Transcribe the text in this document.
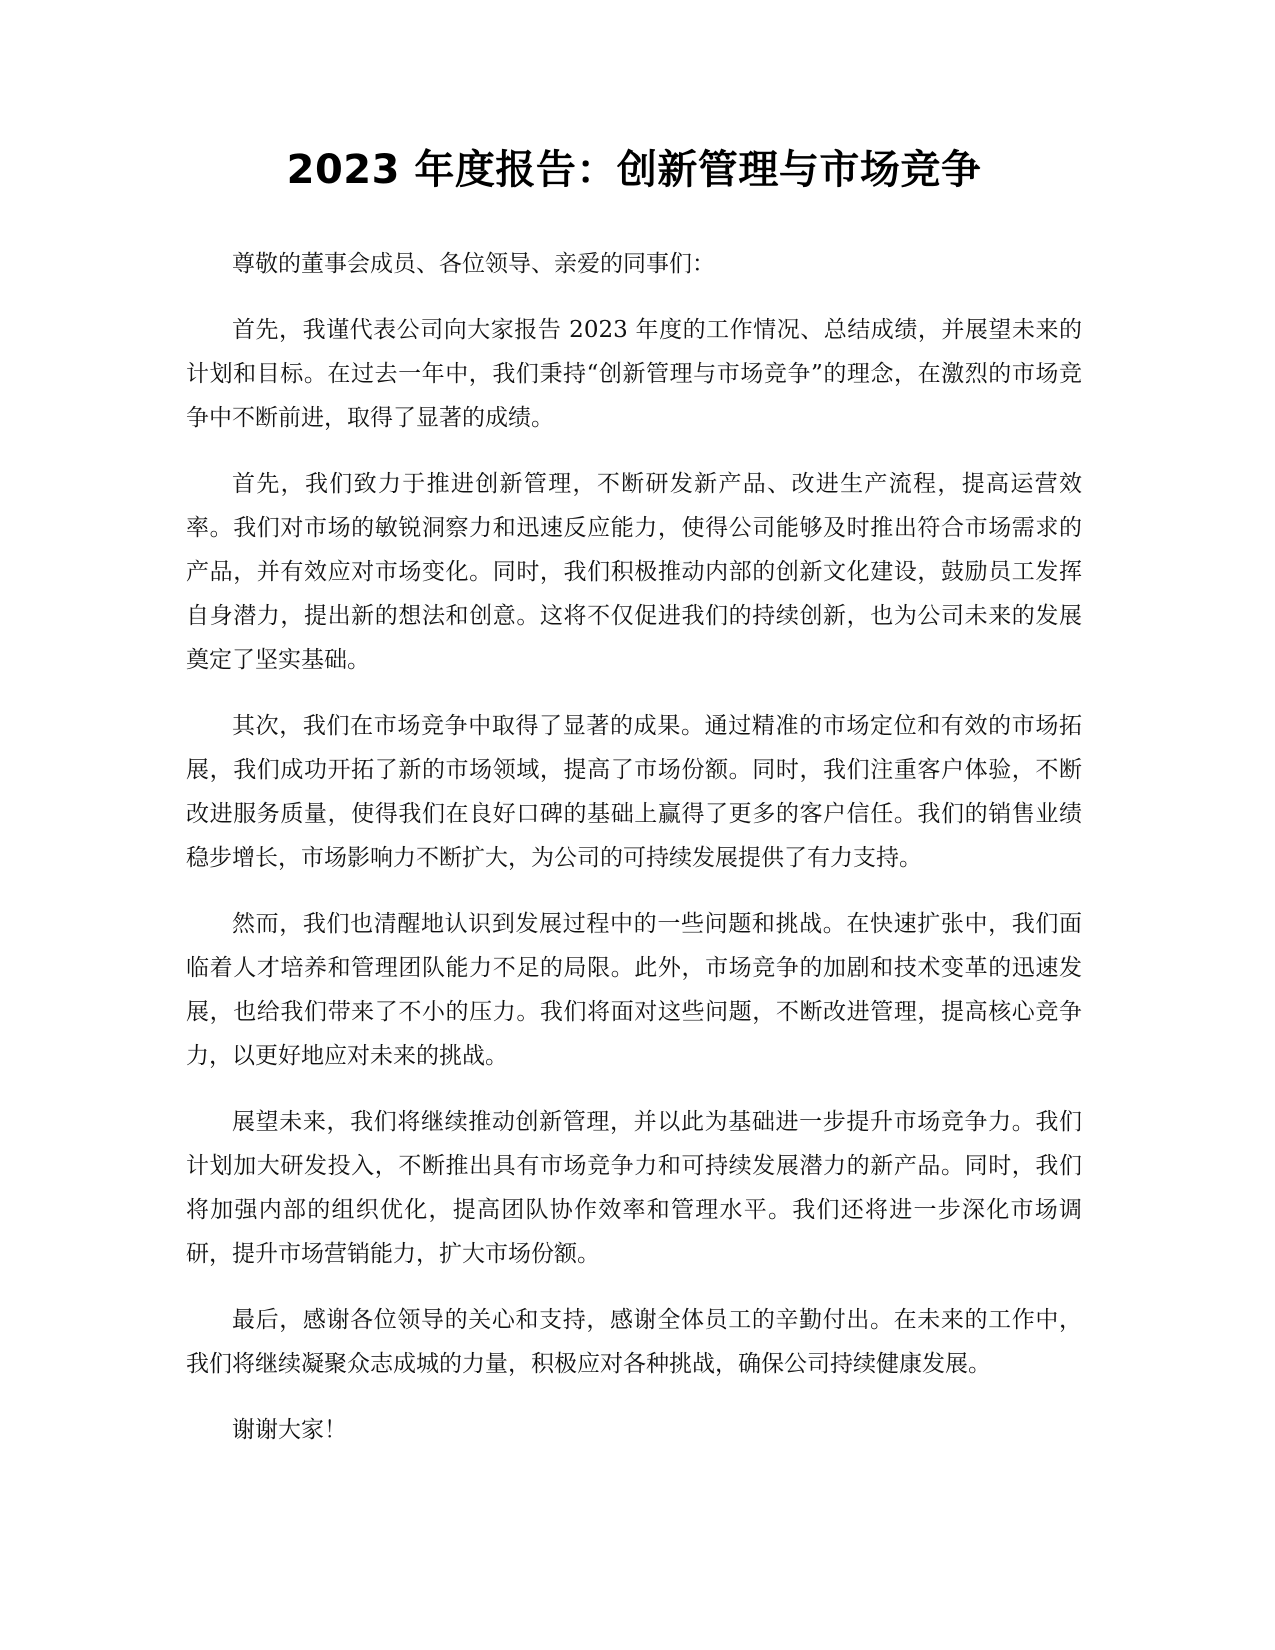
2023 年度报告：创新管理与市场竞争

尊敬的董事会成员、各位领导、亲爱的同事们：

首先，我谨代表公司向大家报告 2023 年度的工作情况、总结成绩，并展望未来的计划和目标。在过去一年中，我们秉持“创新管理与市场竞争”的理念，在激烈的市场竞争中不断前进，取得了显著的成绩。

首先，我们致力于推进创新管理，不断研发新产品、改进生产流程，提高运营效率。我们对市场的敏锐洞察力和迅速反应能力，使得公司能够及时推出符合市场需求的产品，并有效应对市场变化。同时，我们积极推动内部的创新文化建设，鼓励员工发挥自身潜力，提出新的想法和创意。这将不仅促进我们的持续创新，也为公司未来的发展奠定了坚实基础。

其次，我们在市场竞争中取得了显著的成果。通过精准的市场定位和有效的市场拓展，我们成功开拓了新的市场领域，提高了市场份额。同时，我们注重客户体验，不断改进服务质量，使得我们在良好口碑的基础上赢得了更多的客户信任。我们的销售业绩稳步增长，市场影响力不断扩大，为公司的可持续发展提供了有力支持。

然而，我们也清醒地认识到发展过程中的一些问题和挑战。在快速扩张中，我们面临着人才培养和管理团队能力不足的局限。此外，市场竞争的加剧和技术变革的迅速发展，也给我们带来了不小的压力。我们将面对这些问题，不断改进管理，提高核心竞争力，以更好地应对未来的挑战。

展望未来，我们将继续推动创新管理，并以此为基础进一步提升市场竞争力。我们计划加大研发投入，不断推出具有市场竞争力和可持续发展潜力的新产品。同时，我们将加强内部的组织优化，提高团队协作效率和管理水平。我们还将进一步深化市场调研，提升市场营销能力，扩大市场份额。

最后，感谢各位领导的关心和支持，感谢全体员工的辛勤付出。在未来的工作中，我们将继续凝聚众志成城的力量，积极应对各种挑战，确保公司持续健康发展。

谢谢大家！
